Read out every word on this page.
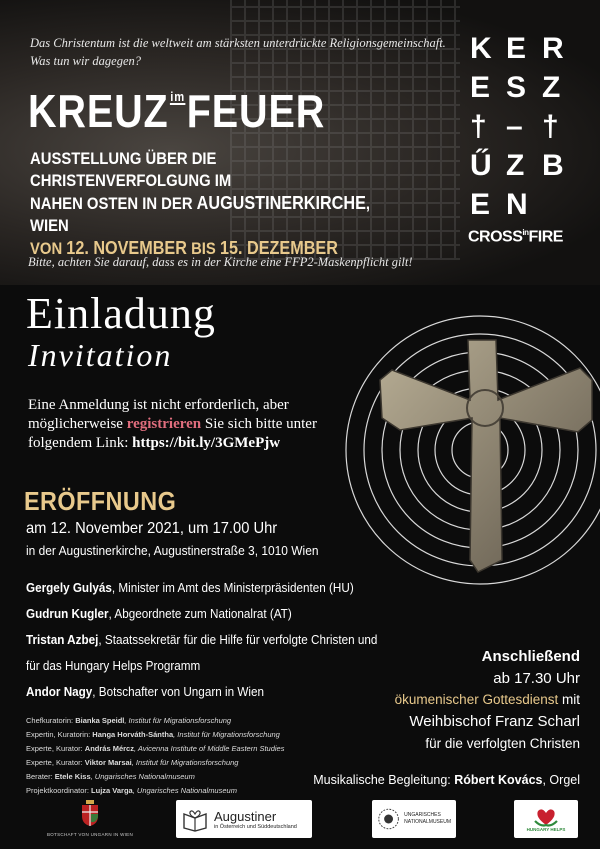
Das Christentum ist die weltweit am stärksten unterdrückte Religionsgemeinschaft.
Was tun wir dagegen?
KREUZ imFEUER
AUSSTELLUNG ÜBER DIE CHRISTENVERFOLGUNG IM
NAHEN OSTEN IN DER AUGUSTINERKIRCHE, WIEN
VON 12. NOVEMBER BIS 15. DEZEMBER
Bitte, achten Sie darauf, dass es in der Kirche eine FFP2-Maskenpflicht gilt!
K E R
E S Z
† – †
Ű Z B
E N
$CROSS^{in}FIRE$
Einladung
Invitation
Eine Anmeldung ist nicht erforderlich, aber
möglicherweise registrieren Sie sich bitte unter
folgendem Link: https://bit.ly/3GMePjw
ERÖFFNUNG
am 12. November 2021, um 17.00 Uhr
in der Augustinerkirche, Augustinerstraße 3, 1010 Wien
Gergely Gulyás, Minister im Amt des Ministerpräsidenten (HU)
Gudrun Kugler, Abgeordnete zum Nationalrat (AT)
Tristan Azbej, Staatssekretär für die Hilfe für verfolgte Christen und
für das Hungary Helps Programm
Andor Nagy, Botschafter von Ungarn in Wien
Chefkuratorin: Bianka Speidl, Institut für Migrationsforschung
Expertin, Kuratorin: Hanga Horváth-Sántha, Institut für Migrationsforschung
Experte, Kurator: András Mércz, Avicenna Institute of Middle Eastern Studies
Experte, Kurator: Viktor Marsai, Institut für Migrationsforschung
Berater: Etele Kiss, Ungarisches Nationalmuseum
Projektkoordinator: Lujza Varga, Ungarisches Nationalmuseum
Anschließend
ab 17.30 Uhr
ökumenischer Gottesdienst mit
Weihbischof Franz Scharl
für die verfolgten Christen
Musikalische Begleitung: Róbert Kovács, Orgel
BOTSCHAFT VON UNGARN IN WIEN
Augustiner
in Österreich und Süddeutschland
UNGARISCHES
NATIONALMUSEUM
HUNGARY HELPS
